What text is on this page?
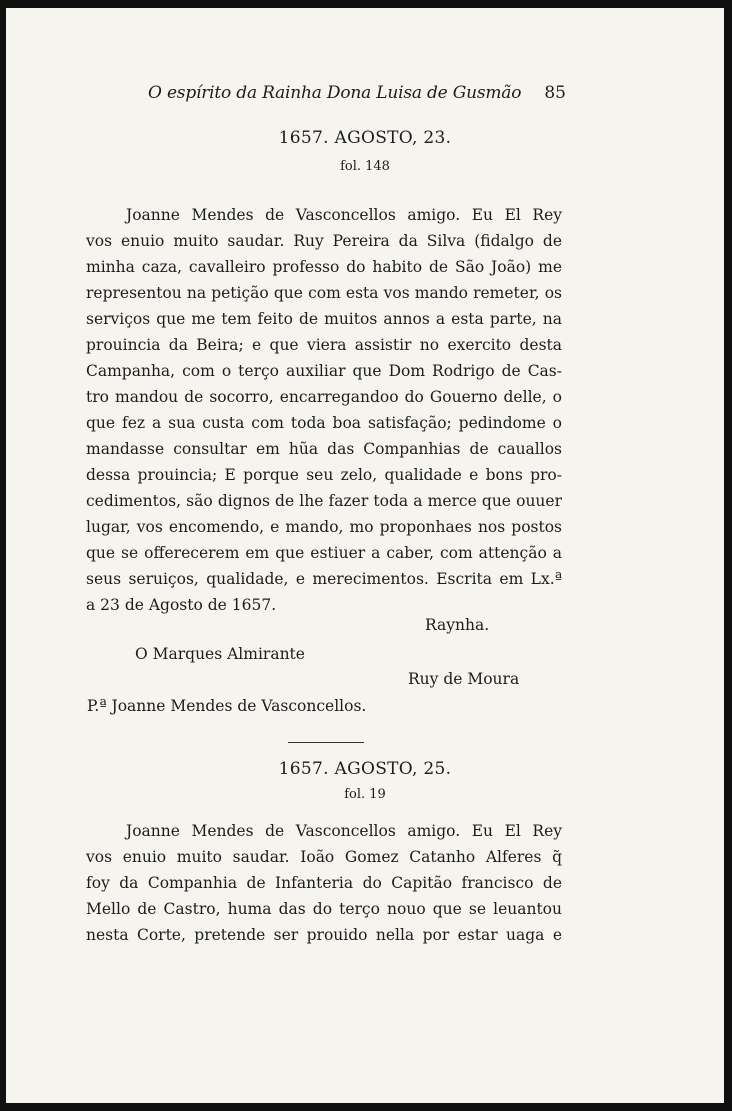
O espírito da Rainha Dona Luisa de Gusmão 85
1657. AGOSTO, 23.
fol. 148
Joanne Mendes de Vasconcellos amigo. Eu El Rey
vos enuio muito saudar. Ruy Pereira da Silva (fidalgo de
minha caza, cavalleiro professo do habito de São João) me
representou na petição que com esta vos mando remeter, os
serviços que me tem feito de muitos annos a esta parte, na
prouincia da Beira; e que viera assistir no exercito desta
Campanha, com o terço auxiliar que Dom Rodrigo de Cas-
tro mandou de socorro, encarregandoo do Gouerno delle, o
que fez a sua custa com toda boa satisfação; pedindome o
mandasse consultar em hũa das Companhias de cauallos
dessa prouincia; E porque seu zelo, qualidade e bons pro-
cedimentos, são dignos de lhe fazer toda a merce que ouuer
lugar, vos encomendo, e mando, mo proponhaes nos postos
que se offerecerem em que estiuer a caber, com attenção a
seus seruiços, qualidade, e merecimentos. Escrita em Lx.ª
a 23 de Agosto de 1657.
Raynha.
O Marques Almirante
Ruy de Moura
P.ª Joanne Mendes de Vasconcellos.
1657. AGOSTO, 25.
fol. 19
Joanne Mendes de Vasconcellos amigo. Eu El Rey
vos enuio muito saudar. Ioão Gomez Catanho Alferes q̃
foy da Companhia de Infanteria do Capitão francisco de
Mello de Castro, huma das do terço nouo que se leuantou
nesta Corte, pretende ser prouido nella por estar uaga e
